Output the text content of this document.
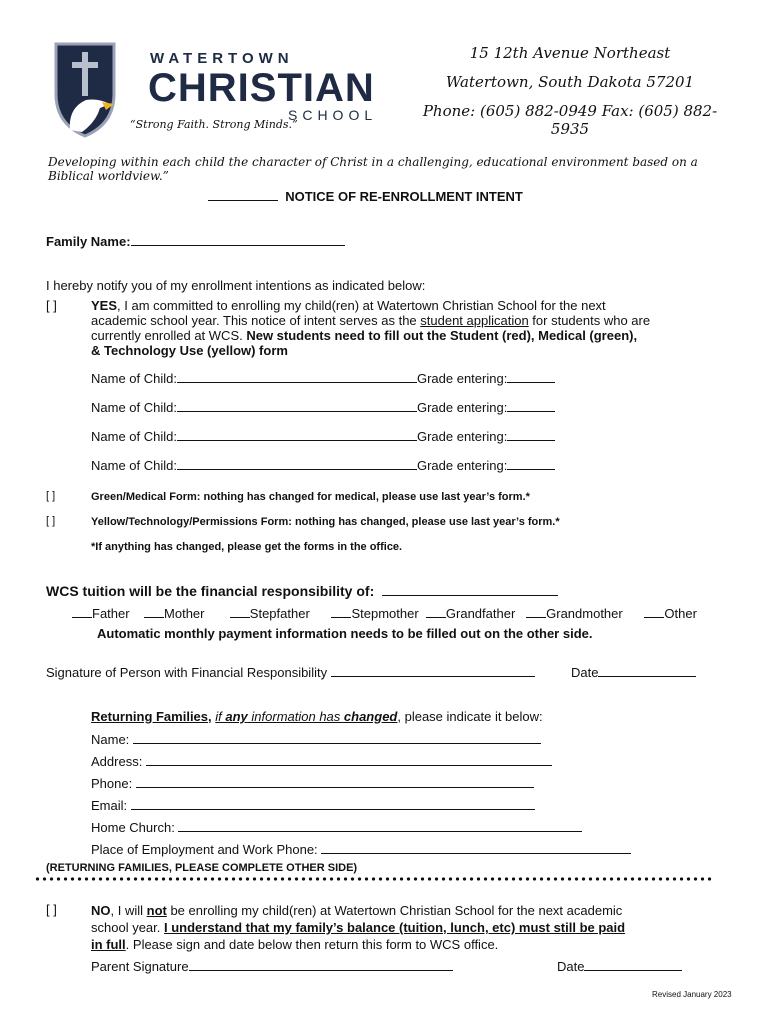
WATERTOWN
CHRISTIAN
SCHOOL
“Strong Faith. Strong Minds.”
15 12th Avenue Northeast
Watertown, South Dakota 57201
Phone: (605) 882-0949 Fax: (605) 882-5935
Developing within each child the character of Christ in a challenging, educational environment based on a Biblical worldview.”
NOTICE OF RE-ENROLLMENT INTENT
Family Name:
I hereby notify you of my enrollment intentions as indicated below:
[ ]	YES, I am committed to enrolling my child(ren) at Watertown Christian School for the next
academic school year. This notice of intent serves as the student application for students who are
currently enrolled at WCS. New students need to fill out the Student (red), Medical (green),
& Technology Use (yellow) form
Name of Child:	Grade entering:
Name of Child:	Grade entering:
Name of Child:	Grade entering:
Name of Child:	Grade entering:
[ ]	Green/Medical Form: nothing has changed for medical, please use last year’s form.*
[ ]	Yellow/Technology/Permissions Form: nothing has changed, please use last year’s form.*
*If anything has changed, please get the forms in the office.
WCS tuition will be the financial responsibility of:
Father	Mother	Stepfather	Stepmother Grandfather Grandmother	Other
Automatic monthly payment information needs to be filled out on the other side.
Signature of Person with Financial Responsibility	Date
Returning Families, if any information has changed, please indicate it below:
Name:
Address:
Phone:
Email:
Home Church:
Place of Employment and Work Phone:
(RETURNING FAMILIES, PLEASE COMPLETE OTHER SIDE)
[ ]	NO, I will not be enrolling my child(ren) at Watertown Christian School for the next academic
school year. I understand that my family’s balance (tuition, lunch, etc) must still be paid
in full. Please sign and date below then return this form to WCS office.
Parent Signature	Date
Revised January 2023
